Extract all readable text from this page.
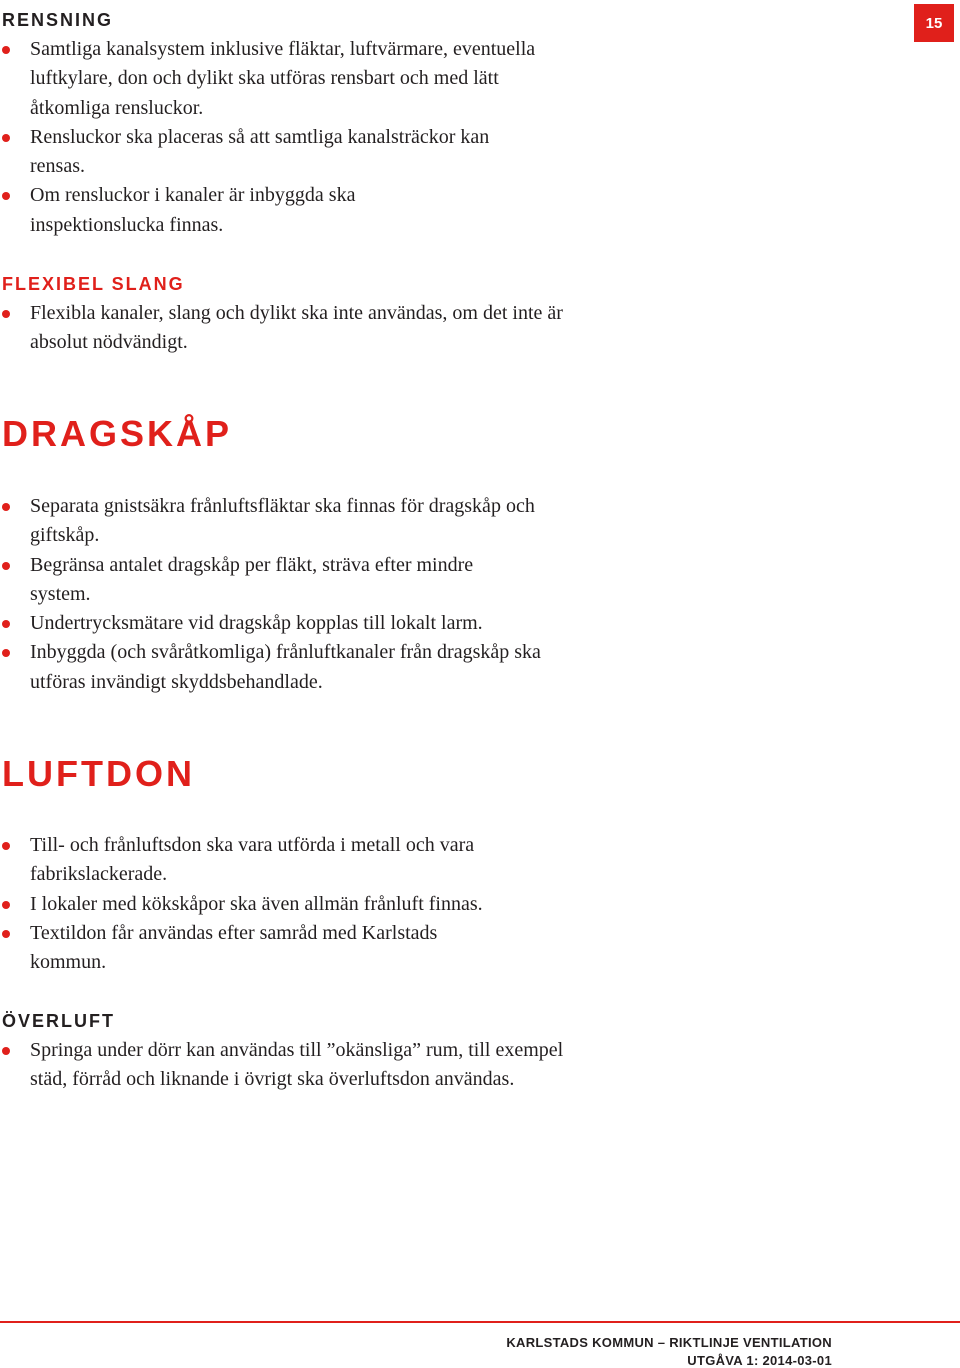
15
RENSNING
Samtliga kanalsystem inklusive fläktar, luftvärmare, eventuella luftkylare, don och dylikt ska utföras rensbart och med lätt åtkomliga rensluckor.
Rensluckor ska placeras så att samtliga kanalsträckor kan rensas.
Om rensluckor i kanaler är inbyggda ska inspektionslucka finnas.
FLEXIBEL SLANG
Flexibla kanaler, slang och dylikt ska inte användas, om det inte är absolut nödvändigt.
DRAGSKÅP
Separata gnistsäkra frånluftsfläktar ska finnas för dragskåp och giftskåp.
Begränsa antalet dragskåp per fläkt, sträva efter mindre system.
Undertrycksmätare vid dragskåp kopplas till lokalt larm.
Inbyggda (och svåråtkomliga) frånluftkanaler från dragskåp ska utföras invändigt skyddsbehandlade.
LUFTDON
Till- och frånluftsdon ska vara utförda i metall och vara fabrikslackerade.
I lokaler med kökskåpor ska även allmän frånluft finnas.
Textildon får användas efter samråd med Karlstads kommun.
ÖVERLUFT
Springa under dörr kan användas till ”okänsliga” rum, till exempel städ, förråd och liknande i övrigt ska överluftsdon användas.
KARLSTADS KOMMUN – RIKTLINJE VENTILATION
UTGÅVA 1: 2014-03-01
